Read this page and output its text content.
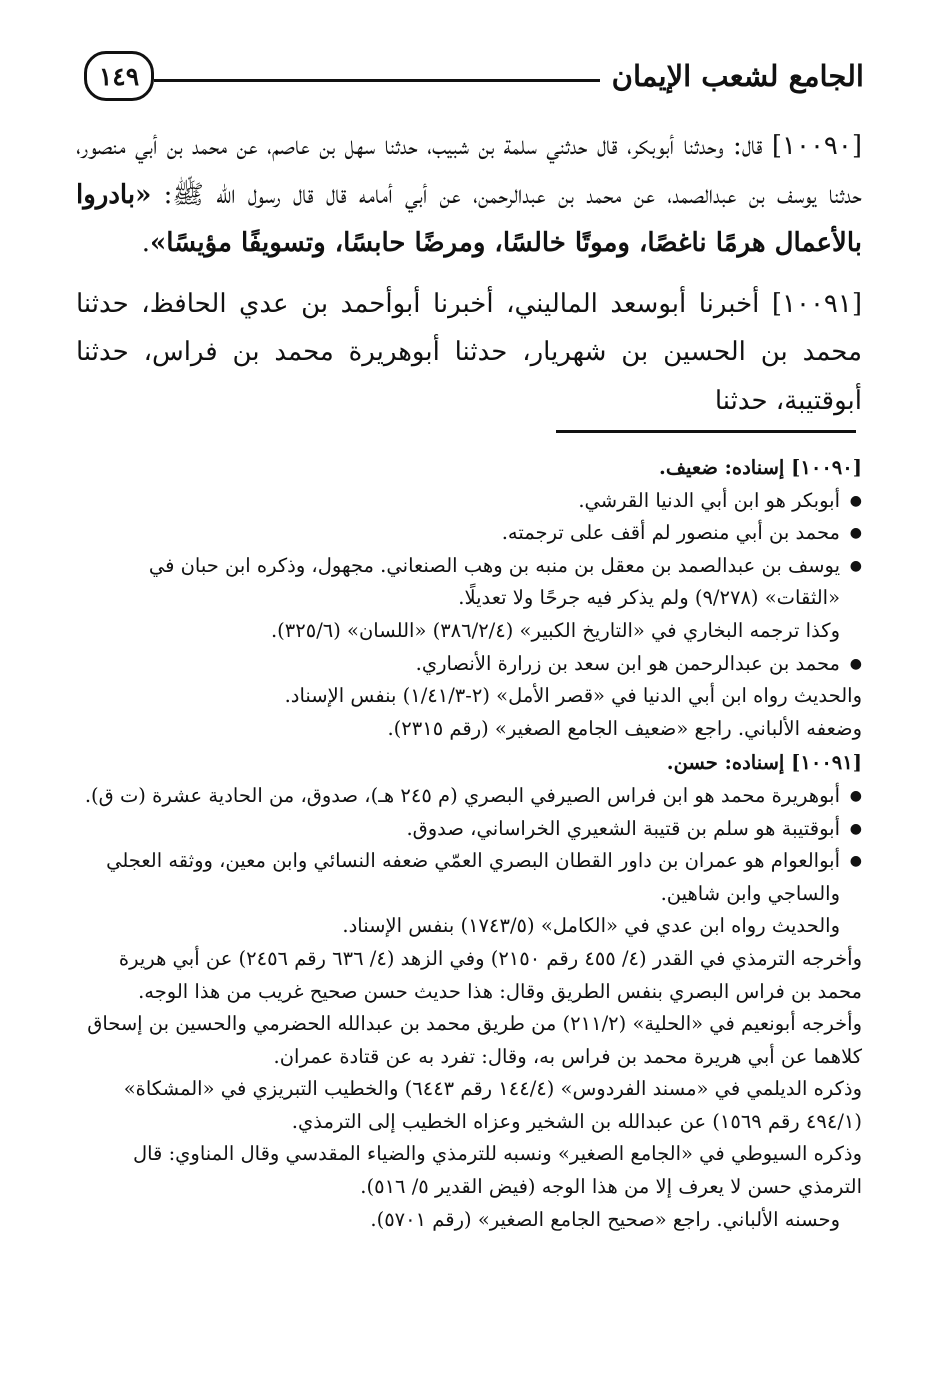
الجامع لشعب الإيمان
١٤٩

[١٠٠٩٠] قال: وحدثنا أبوبكر، قال حدثني سلمة بن شبيب، حدثنا سهل بن عاصم، عن محمد بن أبي منصور، حدثنا يوسف بن عبدالصمد، عن محمد بن عبدالرحمن، عن أبي أمامه قال قال رسول الله ﷺ: «بادروا بالأعمال هرمًا ناغصًا، وموتًا خالسًا، ومرضًا حابسًا، وتسويفًا مؤيسًا».

[١٠٠٩١] أخبرنا أبوسعد الماليني، أخبرنا أبوأحمد بن عدي الحافظ، حدثنا محمد بن الحسين بن شهريار، حدثنا أبوهريرة محمد بن فراس، حدثنا أبوقتيبة، حدثنا

[١٠٠٩٠] إسناده: ضعيف.

● أبوبكر هو ابن أبي الدنيا القرشي.

● محمد بن أبي منصور لم أقف على ترجمته.

● يوسف بن عبدالصمد بن معقل بن منبه بن وهب الصنعاني. مجهول، وذكره ابن حبان في «الثقات» (٩/٢٧٨) ولم يذكر فيه جرحًا ولا تعديلًا.

وكذا ترجمه البخاري في «التاريخ الكبير» (٣٨٦/٢/٤) «اللسان» (٣٢٥/٦).

● محمد بن عبدالرحمن هو ابن سعد بن زرارة الأنصاري.

والحديث رواه ابن أبي الدنيا في «قصر الأمل» (٢-١/٤١/٣) بنفس الإسناد.

وضعفه الألباني. راجع «ضعيف الجامع الصغير» (رقم ٢٣١٥).

[١٠٠٩١] إسناده: حسن.

● أبوهريرة محمد هو ابن فراس الصيرفي البصري (م ٢٤٥ هـ)، صدوق، من الحادية عشرة (ت ق).

● أبوقتيبة هو سلم بن قتيبة الشعيري الخراساني، صدوق.

● أبوالعوام هو عمران بن داور القطان البصري العمّي ضعفه النسائي وابن معين، ووثقه العجلي والساجي وابن شاهين.

والحديث رواه ابن عدي في «الكامل» (١٧٤٣/٥) بنفس الإسناد.

وأخرجه الترمذي في القدر (٤/ ٤٥٥ رقم ٢١٥٠) وفي الزهد (٤/ ٦٣٦ رقم ٢٤٥٦) عن أبي هريرة محمد بن فراس البصري بنفس الطريق وقال: هذا حديث حسن صحيح غريب من هذا الوجه.

وأخرجه أبونعيم في «الحلية» (٢١١/٢) من طريق محمد بن عبدالله الحضرمي والحسين بن إسحاق كلاهما عن أبي هريرة محمد بن فراس به، وقال: تفرد به عن قتادة عمران.

وذكره الديلمي في «مسند الفردوس» (١٤٤/٤ رقم ٦٤٤٣) والخطيب التبريزي في «المشكاة» (٤٩٤/١ رقم ١٥٦٩) عن عبدالله بن الشخير وعزاه الخطيب إلى الترمذي.

وذكره السيوطي في «الجامع الصغير» ونسبه للترمذي والضياء المقدسي وقال المناوي: قال الترمذي حسن لا يعرف إلا من هذا الوجه (فيض القدير ٥/ ٥١٦).

وحسنه الألباني. راجع «صحيح الجامع الصغير» (رقم ٥٧٠١).
